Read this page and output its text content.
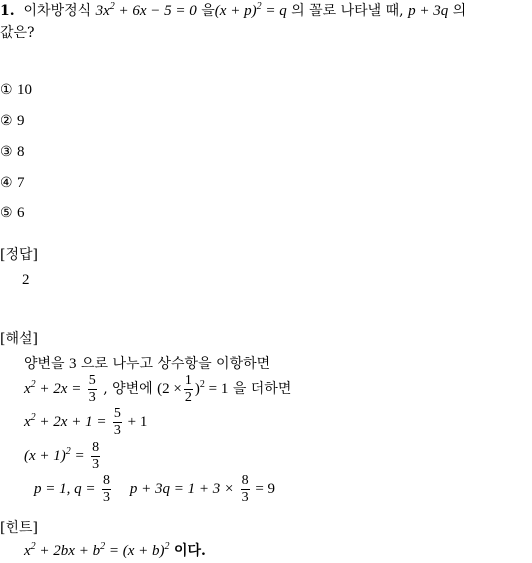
1. 이차방정식 $3x^2 + 6x - 5 = 0$ 을$(x + p)^2 = q$ 의 꼴로 나타낼 때, p + 3q 의
값은?
① 10
② 9
③ 8
④ 7
⑤ 6
[정답]
2
[해설]
양변을 3 으로 나누고 상수항을 이항하면
$x^2 + 2x = \frac{5}{3}$ , 양변에 $(2 \times \frac{1}{2} )^2 = 1$ 을 더하면
$x^2 + 2x + 1 = \frac{5}{3} + 1$
$(x + 1)^2 = \frac{8}{3}$
p = 1, $q = \frac{8}{3}$ $p + 3q = 1 + 3 \times \frac{8}{3} = 9$
[힌트]
$x^2 + 2bx + b^2 = (x + b)^2$ 이다.
